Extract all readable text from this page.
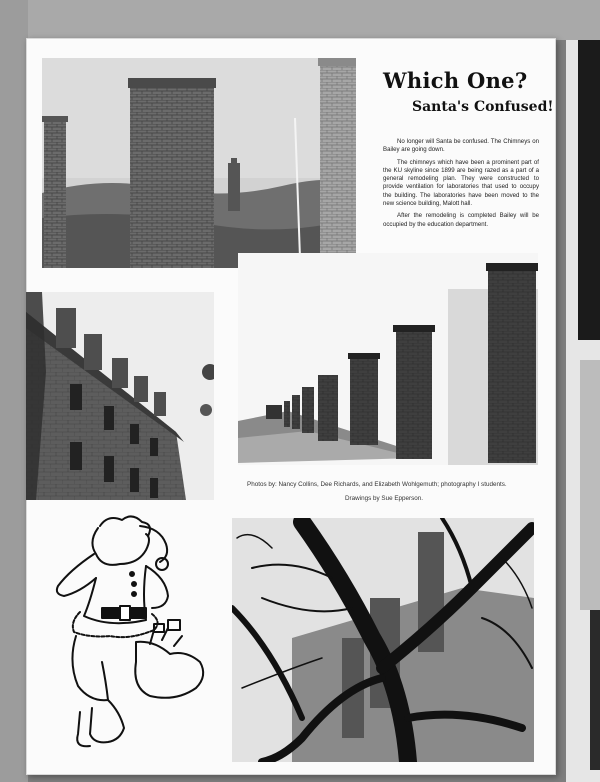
Which One?
Santa's Confused!

No longer will Santa be confused. The Chimneys on Bailey are going down.

The chimneys which have been a prominent part of the KU skyline since 1899 are being razed as a part of a general remodeling plan. They were constructed to provide ventilation for laboratories that used to occupy the building. The laboratories have been moved to the new science building, Malott hall.

After the remodeling is completed Bailey will be occupied by the education department.

Photos by: Nancy Collins, Dee Richards, and Elizabeth Wohlgemuth; photography I students.
Drawings by Sue Epperson.
